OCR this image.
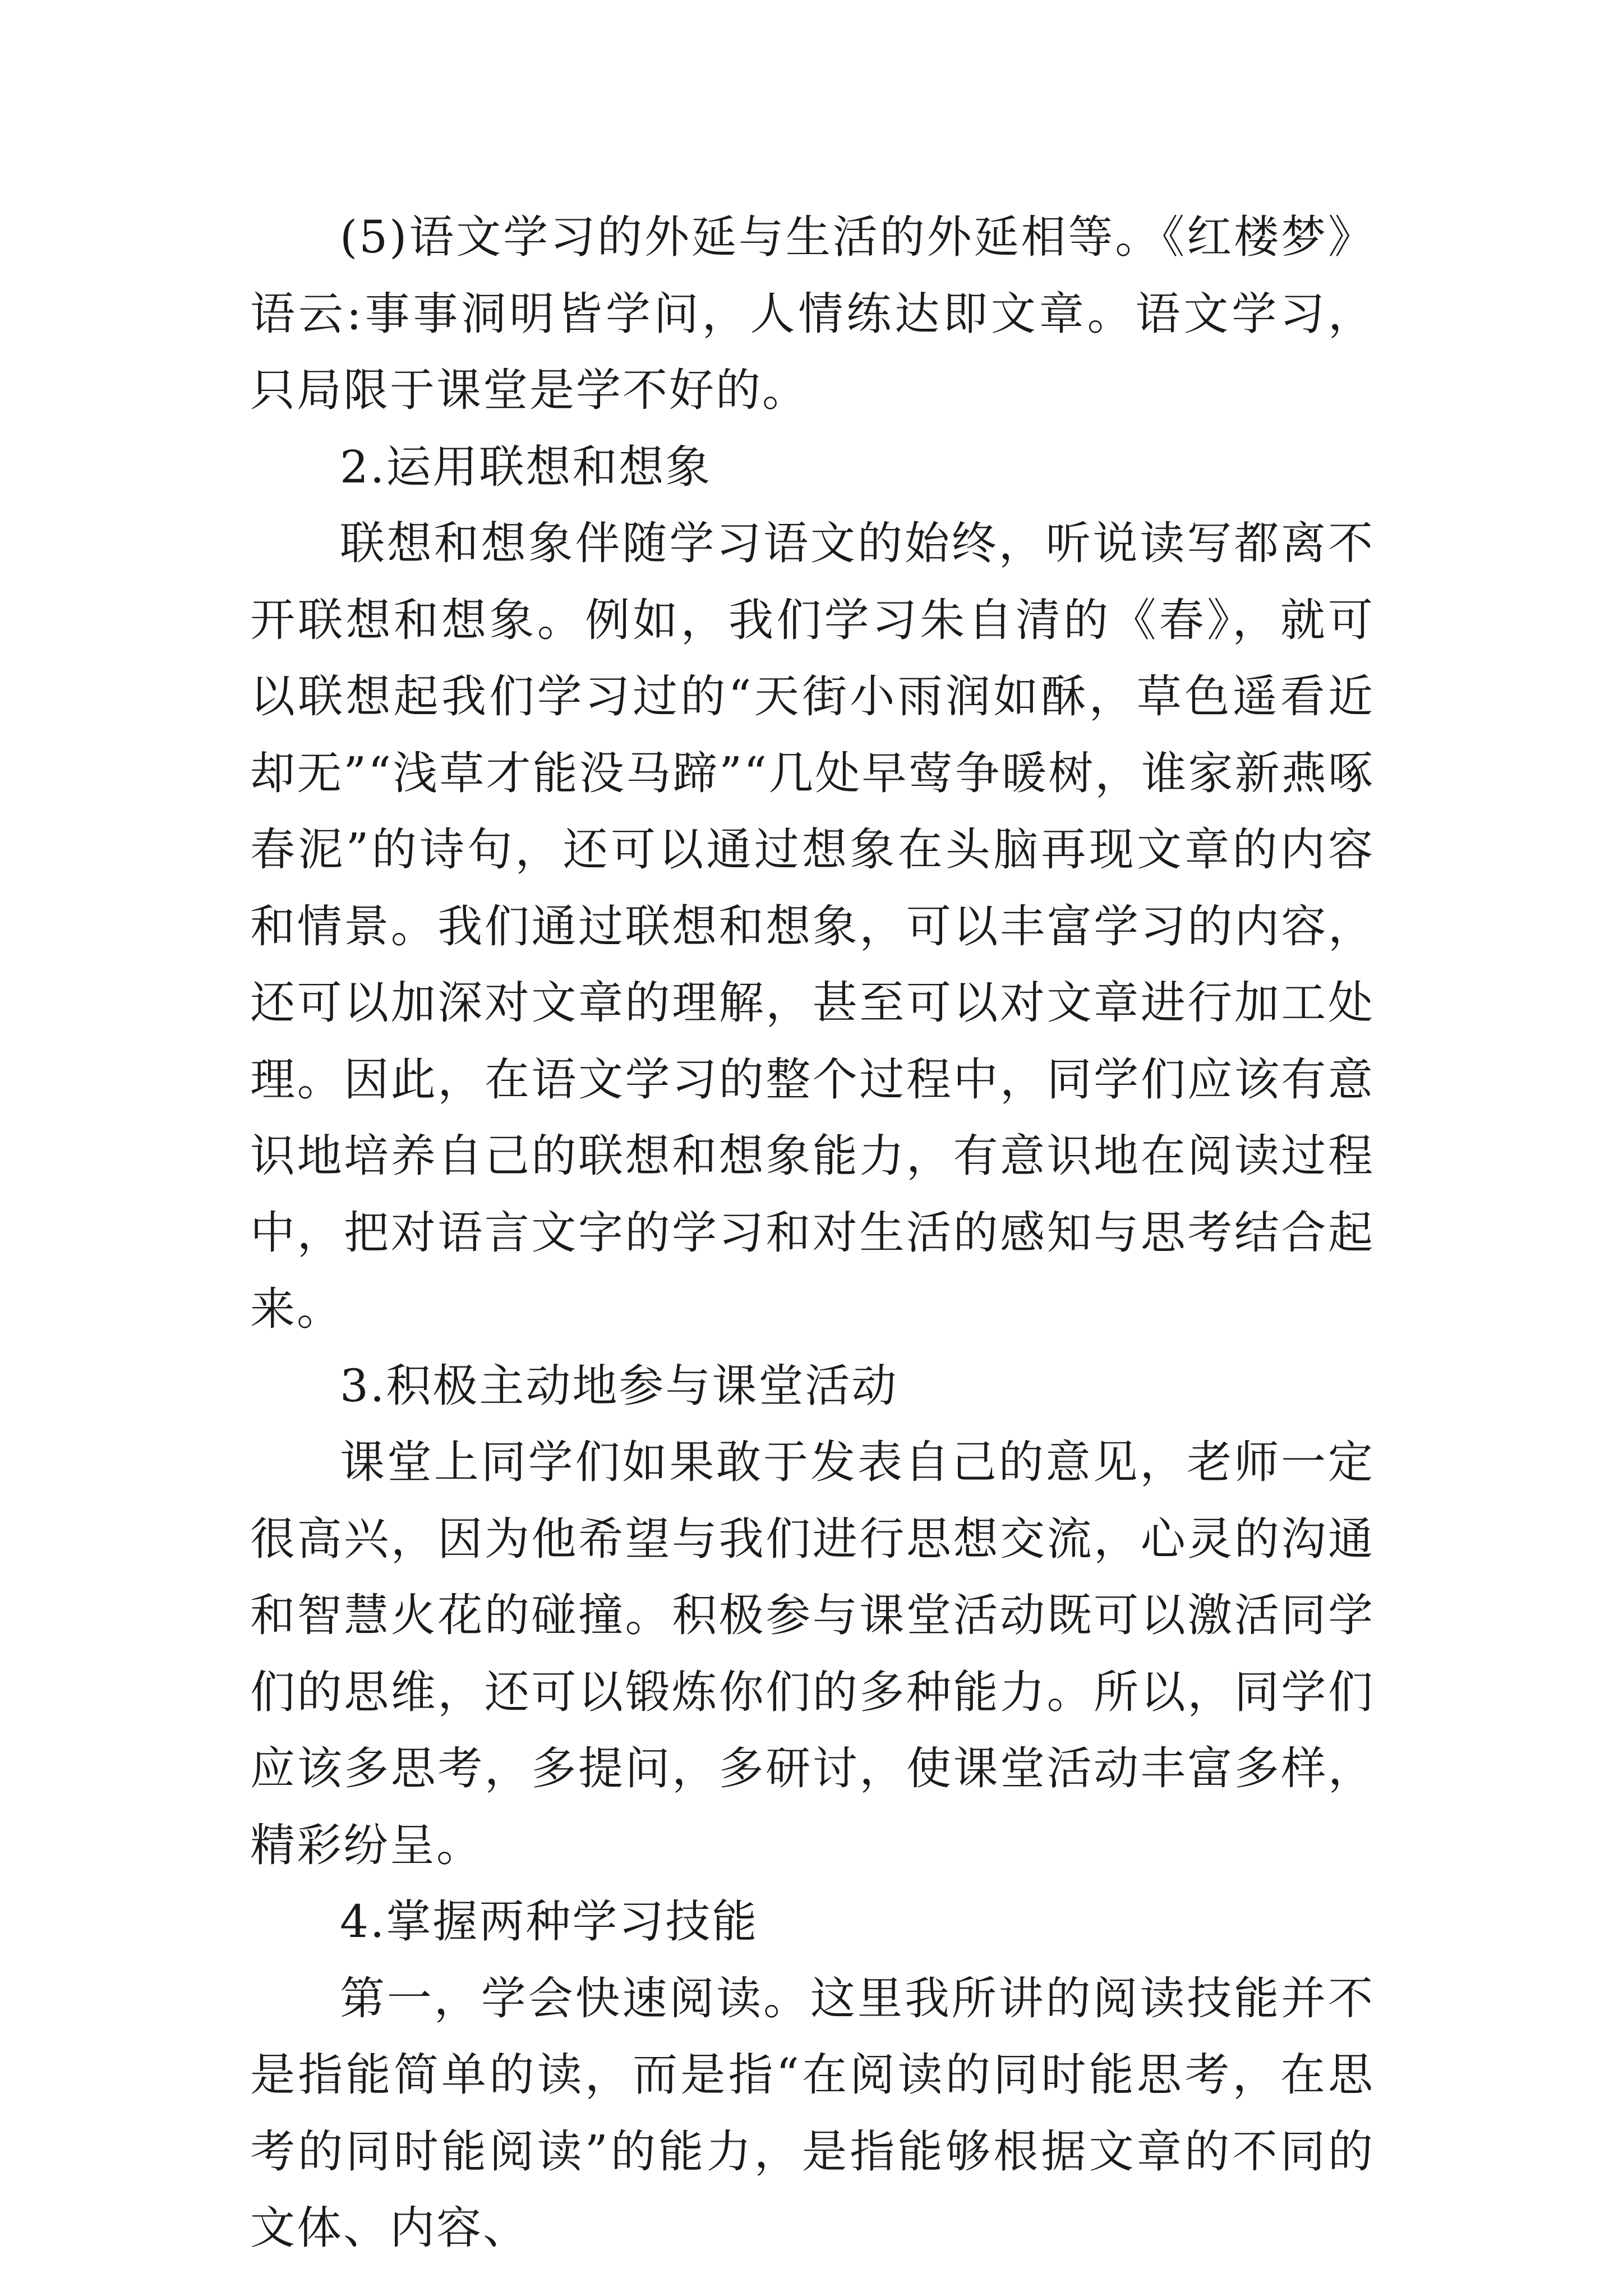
(5)语文学习的外延与生活的外延相等。《红楼梦》语云:事事洞明皆学问，人情练达即文章。语文学习，只局限于课堂是学不好的。

2.运用联想和想象

联想和想象伴随学习语文的始终，听说读写都离不开联想和想象。例如，我们学习朱自清的《春》，就可以联想起我们学习过的“天街小雨润如酥，草色遥看近却无”“浅草才能没马蹄”“几处早莺争暖树，谁家新燕啄春泥”的诗句，还可以通过想象在头脑再现文章的内容和情景。我们通过联想和想象，可以丰富学习的内容，还可以加深对文章的理解，甚至可以对文章进行加工处理。因此，在语文学习的整个过程中，同学们应该有意识地培养自己的联想和想象能力，有意识地在阅读过程中，把对语言文字的学习和对生活的感知与思考结合起来。

3.积极主动地参与课堂活动

课堂上同学们如果敢于发表自己的意见，老师一定很高兴，因为他希望与我们进行思想交流，心灵的沟通和智慧火花的碰撞。积极参与课堂活动既可以激活同学们的思维，还可以锻炼你们的多种能力。所以，同学们应该多思考，多提问，多研讨，使课堂活动丰富多样，精彩纷呈。

4.掌握两种学习技能

第一，学会快速阅读。这里我所讲的阅读技能并不是指能简单的读，而是指“在阅读的同时能思考，在思考的同时能阅读”的能力，是指能够根据文章的不同的文体、内容、
